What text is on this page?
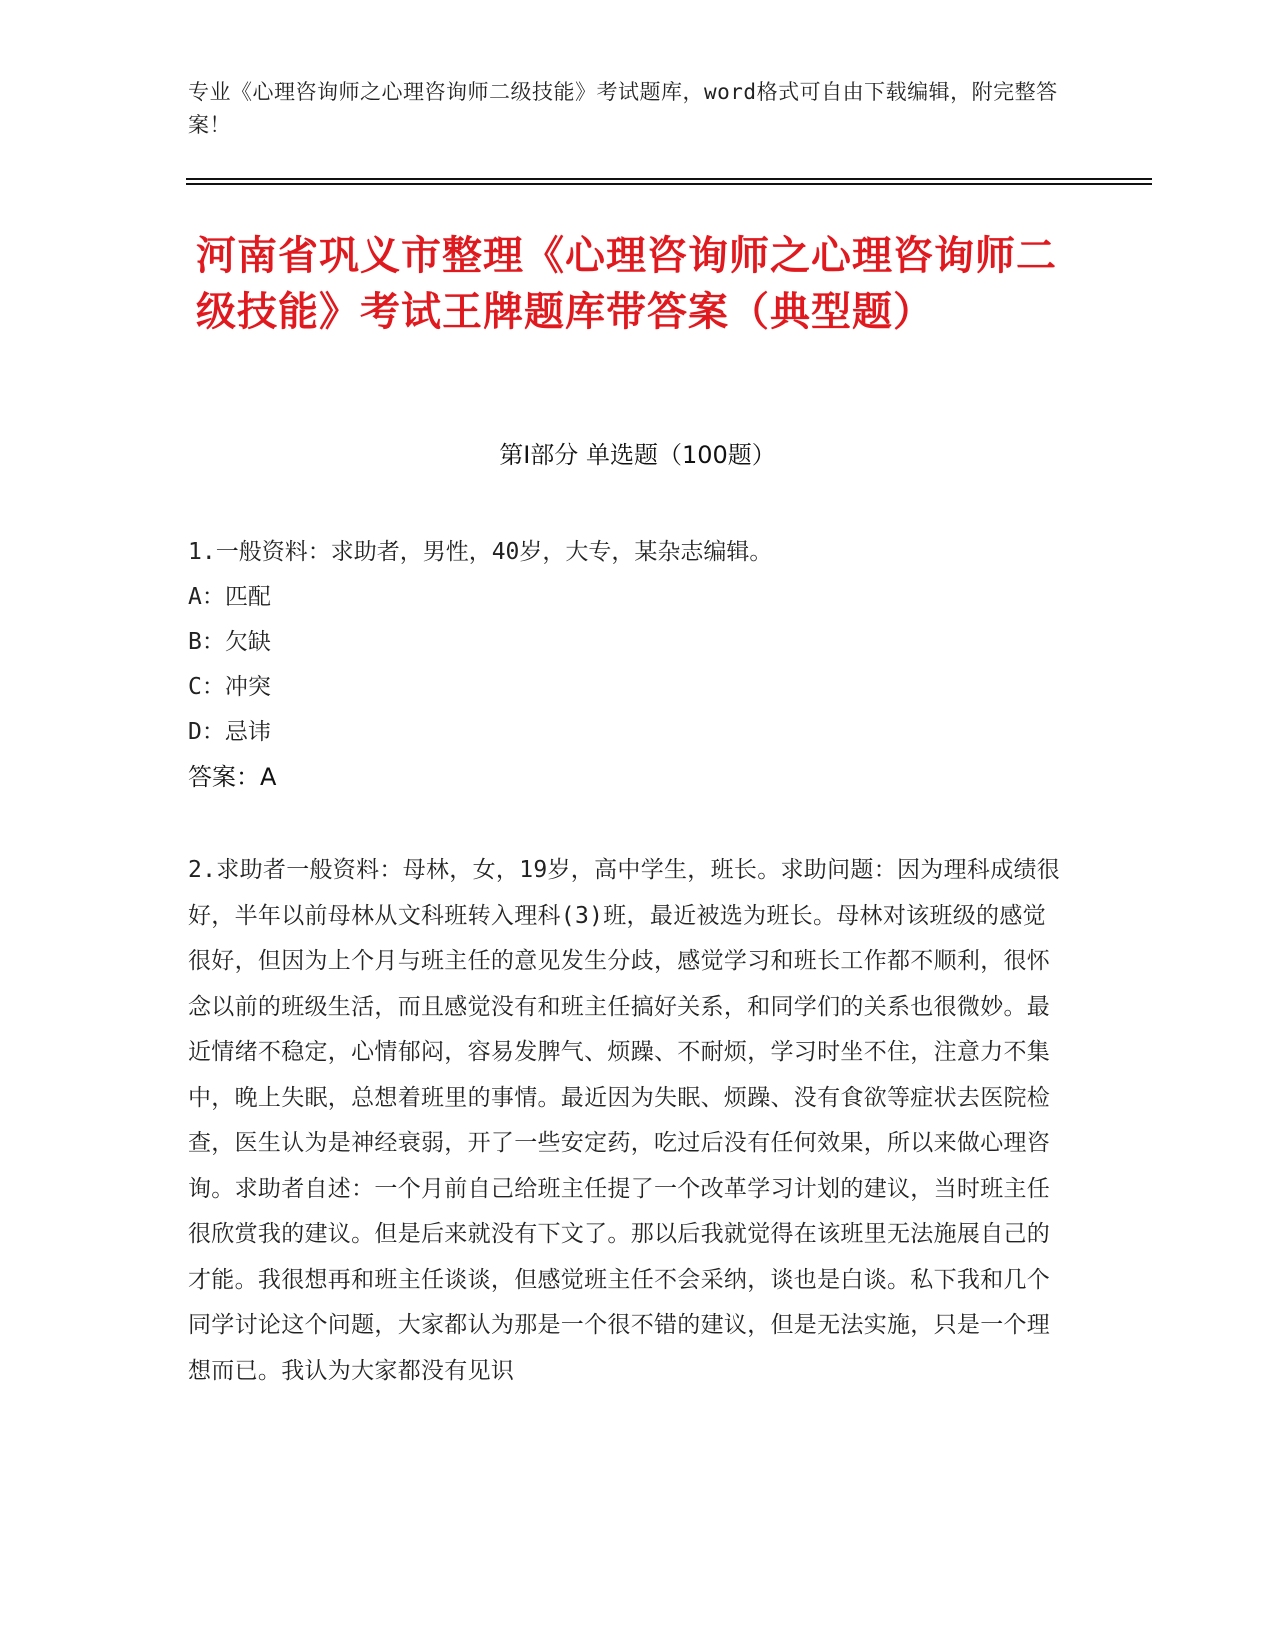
专业《心理咨询师之心理咨询师二级技能》考试题库，word格式可自由下载编辑，附完整答案！
河南省巩义市整理《心理咨询师之心理咨询师二级技能》考试王牌题库带答案（典型题）
第Ⅰ部分 单选题（100题）
1.一般资料：求助者，男性，40岁，大专，某杂志编辑。
A：匹配
B：欠缺
C：冲突
D：忌讳
答案：A
2.求助者一般资料：母林，女，19岁，高中学生，班长。求助问题：因为理科成绩很好，半年以前母林从文科班转入理科(3)班，最近被选为班长。母林对该班级的感觉很好，但因为上个月与班主任的意见发生分歧，感觉学习和班长工作都不顺利，很怀念以前的班级生活，而且感觉没有和班主任搞好关系，和同学们的关系也很微妙。最近情绪不稳定，心情郁闷，容易发脾气、烦躁、不耐烦，学习时坐不住，注意力不集中，晚上失眠，总想着班里的事情。最近因为失眠、烦躁、没有食欲等症状去医院检查，医生认为是神经衰弱，开了一些安定药，吃过后没有任何效果，所以来做心理咨询。求助者自述：一个月前自己给班主任提了一个改革学习计划的建议，当时班主任很欣赏我的建议。但是后来就没有下文了。那以后我就觉得在该班里无法施展自己的才能。我很想再和班主任谈谈，但感觉班主任不会采纳，谈也是白谈。私下我和几个同学讨论这个问题，大家都认为那是一个很不错的建议，但是无法实施，只是一个理想而已。我认为大家都没有见识
